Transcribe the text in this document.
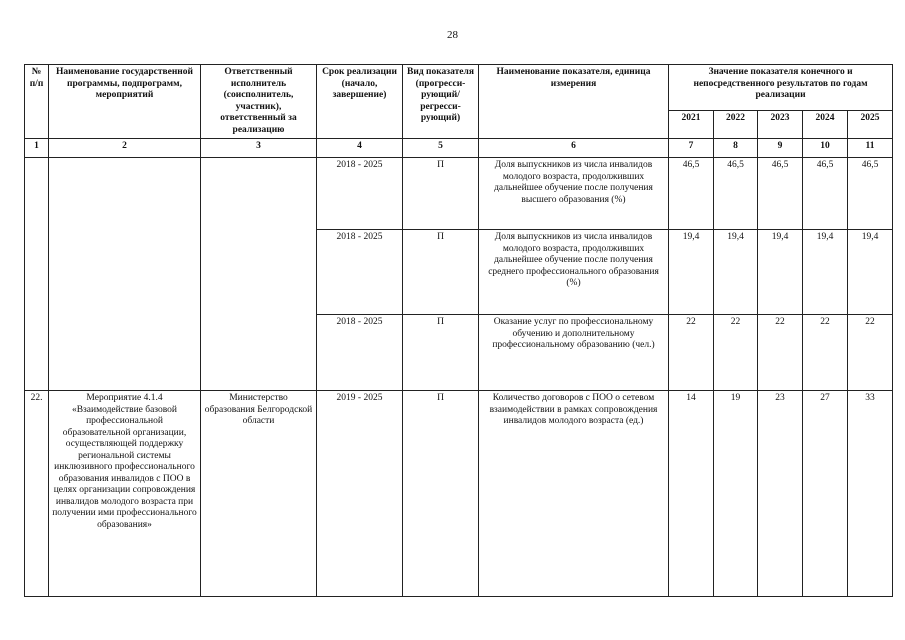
28
№ п/п	Наименование государственной программы, подпрограмм, мероприятий	Ответственный исполнитель (соисполнитель, участник), ответственный за реализацию	Срок реализации (начало, завершение)	Вид показателя (прогресси-рующий/ регресси-рующий)	Наименование показателя, единица измерения	Значение показателя конечного и непосредственного результатов по годам реализации				
						2021	2022	2023	2024	2025
1	2	3	4	5	6	7	8	9	10	11
			2018 - 2025	П	Доля выпускников из числа инвалидов молодого возраста, продолживших дальнейшее обучение после получения высшего образования (%)	46,5	46,5	46,5	46,5	46,5
			2018 - 2025	П	Доля выпускников из числа инвалидов молодого возраста, продолживших дальнейшее обучение после получения среднего профессионального образования (%)	19,4	19,4	19,4	19,4	19,4
			2018 - 2025	П	Оказание услуг по профессиональному обучению и дополнительному профессиональному образованию (чел.)	22	22	22	22	22
22.	Мероприятие 4.1.4 «Взаимодействие базовой профессиональной образовательной организации, осуществляющей поддержку региональной системы инклюзивного профессионального образования инвалидов с ПОО в целях организации сопровождения инвалидов молодого возраста при получении ими профессионального образования»	Министерство образования Белгородской области	2019 - 2025	П	Количество договоров с ПОО о сетевом взаимодействии в рамках сопровождения инвалидов молодого возраста (ед.)	14	19	23	27	33
